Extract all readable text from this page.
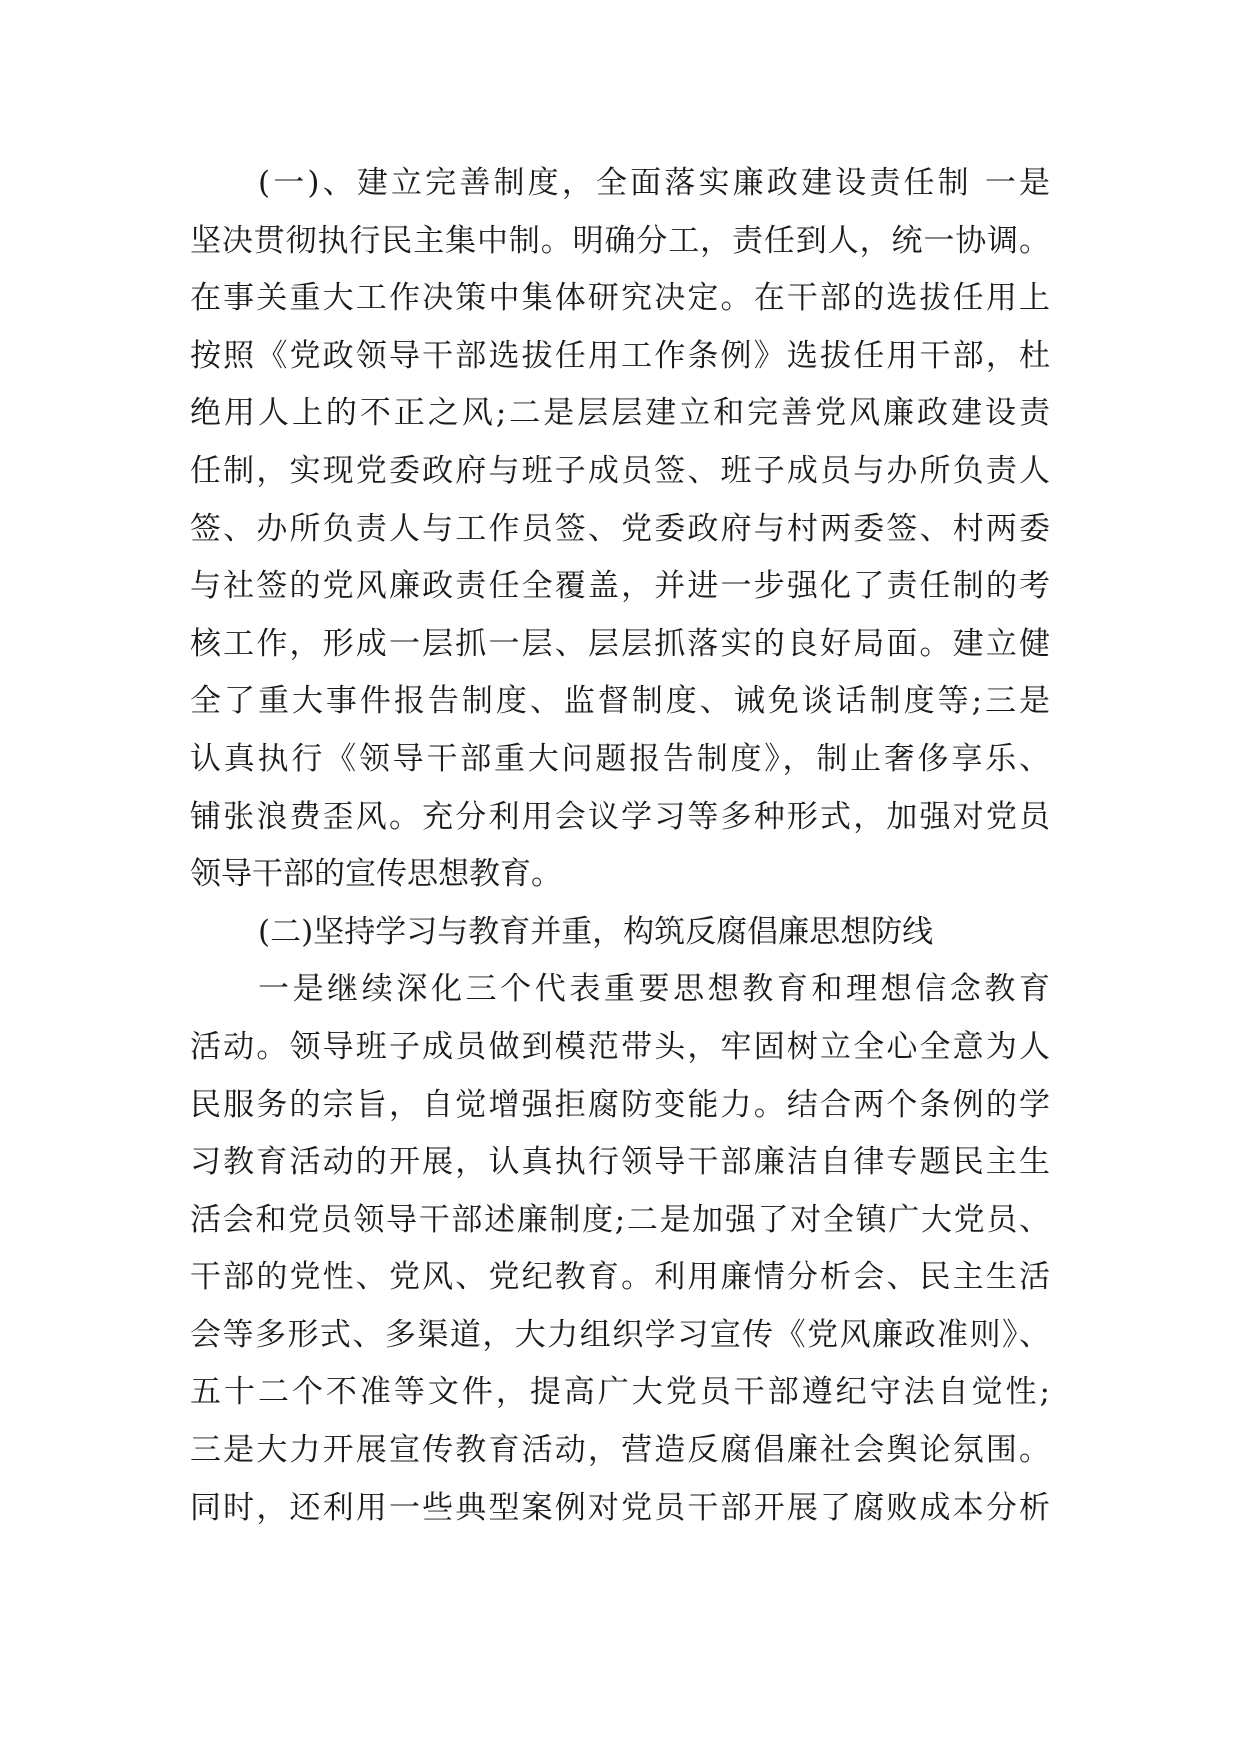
(一)、建立完善制度，全面落实廉政建设责任制 一是
坚决贯彻执行民主集中制。明确分工，责任到人，统一协调。
在事关重大工作决策中集体研究决定。在干部的选拔任用上
按照《党政领导干部选拔任用工作条例》选拔任用干部，杜
绝用人上的不正之风;二是层层建立和完善党风廉政建设责
任制，实现党委政府与班子成员签、班子成员与办所负责人
签、办所负责人与工作员签、党委政府与村两委签、村两委
与社签的党风廉政责任全覆盖，并进一步强化了责任制的考
核工作，形成一层抓一层、层层抓落实的良好局面。建立健
全了重大事件报告制度、监督制度、诫免谈话制度等;三是
认真执行《领导干部重大问题报告制度》，制止奢侈享乐、
铺张浪费歪风。充分利用会议学习等多种形式，加强对党员
领导干部的宣传思想教育。
(二)坚持学习与教育并重，构筑反腐倡廉思想防线
一是继续深化三个代表重要思想教育和理想信念教育
活动。领导班子成员做到模范带头，牢固树立全心全意为人
民服务的宗旨，自觉增强拒腐防变能力。结合两个条例的学
习教育活动的开展，认真执行领导干部廉洁自律专题民主生
活会和党员领导干部述廉制度;二是加强了对全镇广大党员、
干部的党性、党风、党纪教育。利用廉情分析会、民主生活
会等多形式、多渠道，大力组织学习宣传《党风廉政准则》、
五十二个不准等文件，提高广大党员干部遵纪守法自觉性;
三是大力开展宣传教育活动，营造反腐倡廉社会舆论氛围。
同时，还利用一些典型案例对党员干部开展了腐败成本分析
